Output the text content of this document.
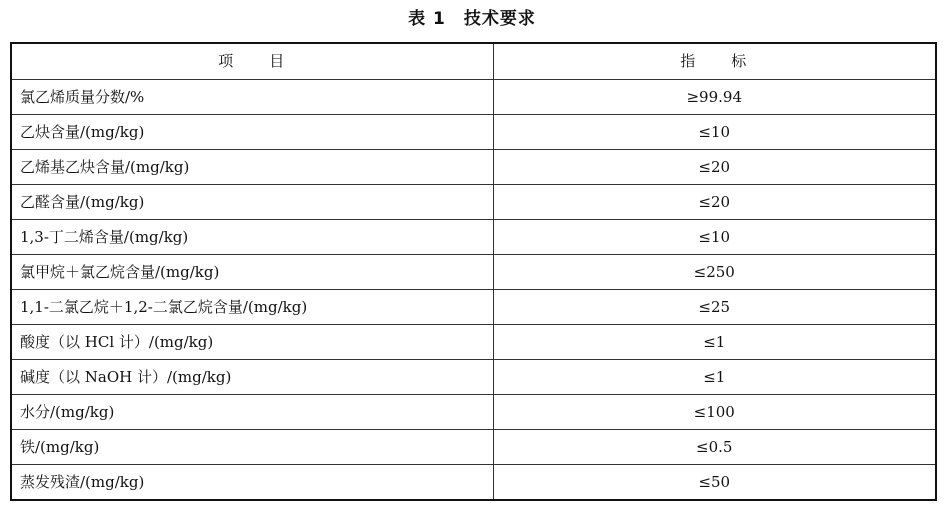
表 1　技术要求
项　　目	指　　标
氯乙烯质量分数/%	≥99.94
乙炔含量/(mg/kg)	≤10
乙烯基乙炔含量/(mg/kg)	≤20
乙醛含量/(mg/kg)	≤20
1,3-丁二烯含量/(mg/kg)	≤10
氯甲烷＋氯乙烷含量/(mg/kg)	≤250
1,1-二氯乙烷＋1,2-二氯乙烷含量/(mg/kg)	≤25
酸度（以 HCl 计）/(mg/kg)	≤1
碱度（以 NaOH 计）/(mg/kg)	≤1
水分/(mg/kg)	≤100
铁/(mg/kg)	≤0.5
蒸发残渣/(mg/kg)	≤50
